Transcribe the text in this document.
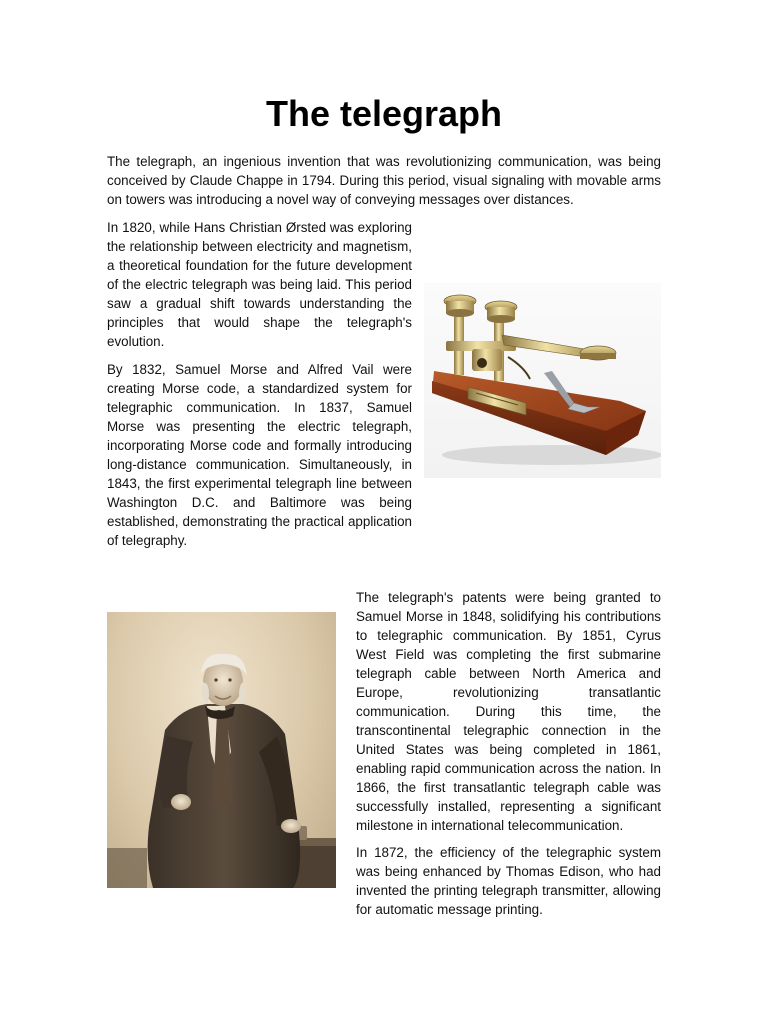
The telegraph

The telegraph, an ingenious invention that was revolutionizing communication, was being conceived by Claude Chappe in 1794. During this period, visual signaling with movable arms on towers was introducing a novel way of conveying messages over distances.

In 1820, while Hans Christian Ørsted was exploring the relationship between electricity and magnetism, a theoretical foundation for the future development of the electric telegraph was being laid. This period saw a gradual shift towards understanding the principles that would shape the telegraph's evolution.

By 1832, Samuel Morse and Alfred Vail were creating Morse code, a standardized system for telegraphic communication. In 1837, Samuel Morse was presenting the electric telegraph, incorporating Morse code and formally introducing long-distance communication. Simultaneously, in 1843, the first experimental telegraph line between Washington D.C. and Baltimore was being established, demonstrating the practical application of telegraphy.

The telegraph's patents were being granted to Samuel Morse in 1848, solidifying his contributions to telegraphic communication. By 1851, Cyrus West Field was completing the first submarine telegraph cable between North America and Europe, revolutionizing transatlantic communication. During this time, the transcontinental telegraphic connection in the United States was being completed in 1861, enabling rapid communication across the nation. In 1866, the first transatlantic telegraph cable was successfully installed, representing a significant milestone in international telecommunication.

In 1872, the efficiency of the telegraphic system was being enhanced by Thomas Edison, who had invented the printing telegraph transmitter, allowing for automatic message printing.
